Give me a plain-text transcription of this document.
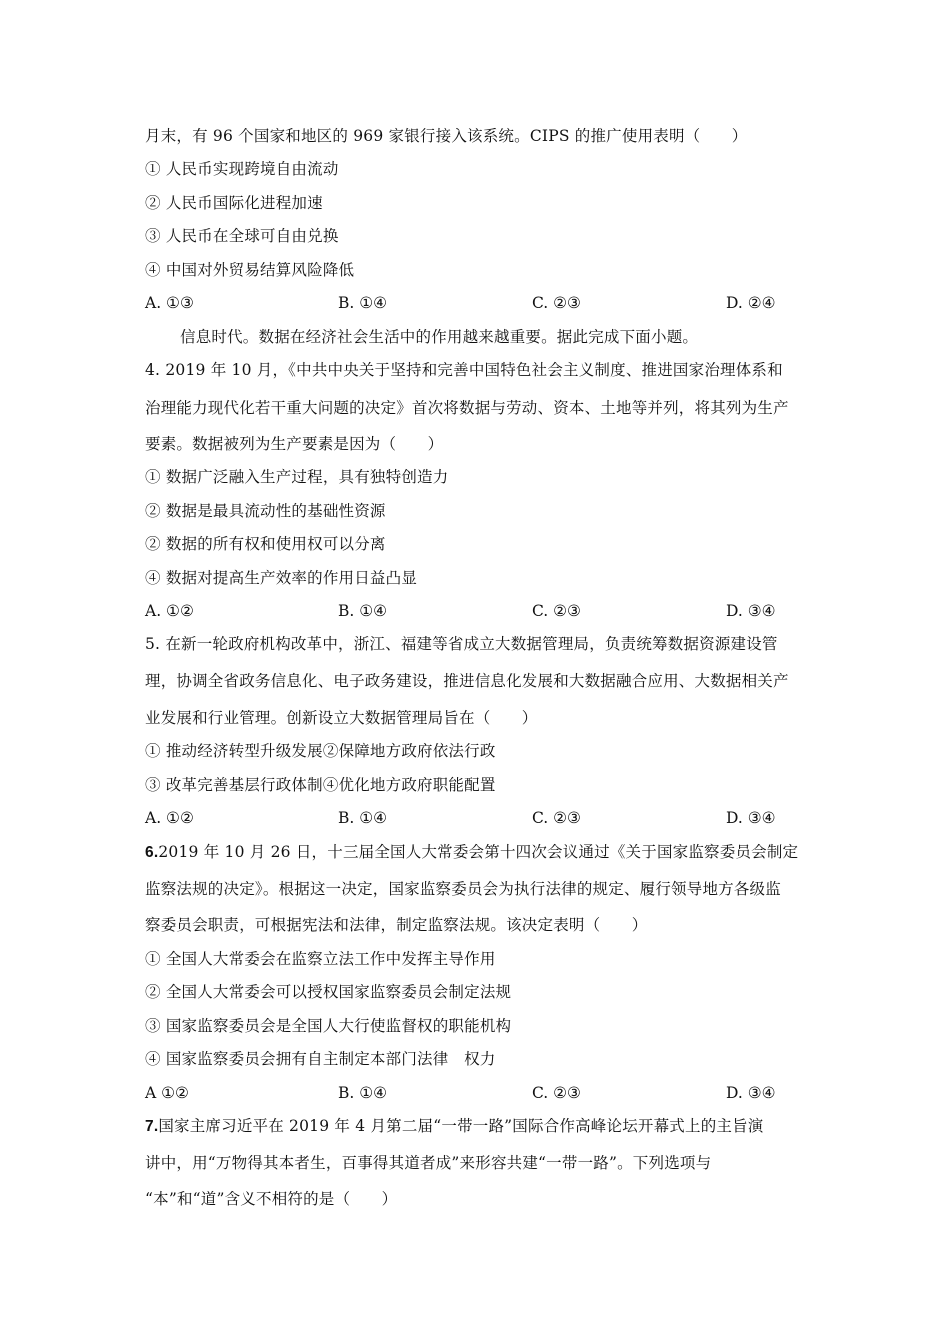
月末，有 96 个国家和地区的 969 家银行接入该系统。CIPS 的推广使用表明（　　）
① 人民币实现跨境自由流动
② 人民币国际化进程加速
③ 人民币在全球可自由兑换
④ 中国对外贸易结算风险降低
A. ①③	B. ①④	C. ②③	D. ②④
信息时代。数据在经济社会生活中的作用越来越重要。据此完成下面小题。
4. 2019 年 10 月，《中共中央关于坚持和完善中国特色社会主义制度、推进国家治理体系和
治理能力现代化若干重大问题的决定》首次将数据与劳动、资本、土地等并列，将其列为生产
要素。数据被列为生产要素是因为（　　）
① 数据广泛融入生产过程，具有独特创造力
② 数据是最具流动性的基础性资源
② 数据的所有权和使用权可以分离
④ 数据对提高生产效率的作用日益凸显
A. ①②	B. ①④	C. ②③	D. ③④
5. 在新一轮政府机构改革中，浙江、福建等省成立大数据管理局，负责统筹数据资源建设管
理，协调全省政务信息化、电子政务建设，推进信息化发展和大数据融合应用、大数据相关产
业发展和行业管理。创新设立大数据管理局旨在（　　）
① 推动经济转型升级发展②保障地方政府依法行政
③ 改革完善基层行政体制④优化地方政府职能配置
A. ①②	B. ①④	C. ②③	D. ③④
6.2019 年 10 月 26 日，十三届全国人大常委会第十四次会议通过《关于国家监察委员会制定
监察法规的决定》。根据这一决定，国家监察委员会为执行法律的规定、履行领导地方各级监
察委员会职责，可根据宪法和法律，制定监察法规。该决定表明（　　）
① 全国人大常委会在监察立法工作中发挥主导作用
② 全国人大常委会可以授权国家监察委员会制定法规
③ 国家监察委员会是全国人大行使监督权的职能机构
④ 国家监察委员会拥有自主制定本部门法律　权力
A ①②	B. ①④	C. ②③	D. ③④
7.国家主席习近平在 2019 年 4 月第二届“一带一路”国际合作高峰论坛开幕式上的主旨演
讲中，用“万物得其本者生，百事得其道者成”来形容共建“一带一路”。下列选项与
“本”和“道”含义不相符的是（　　）
